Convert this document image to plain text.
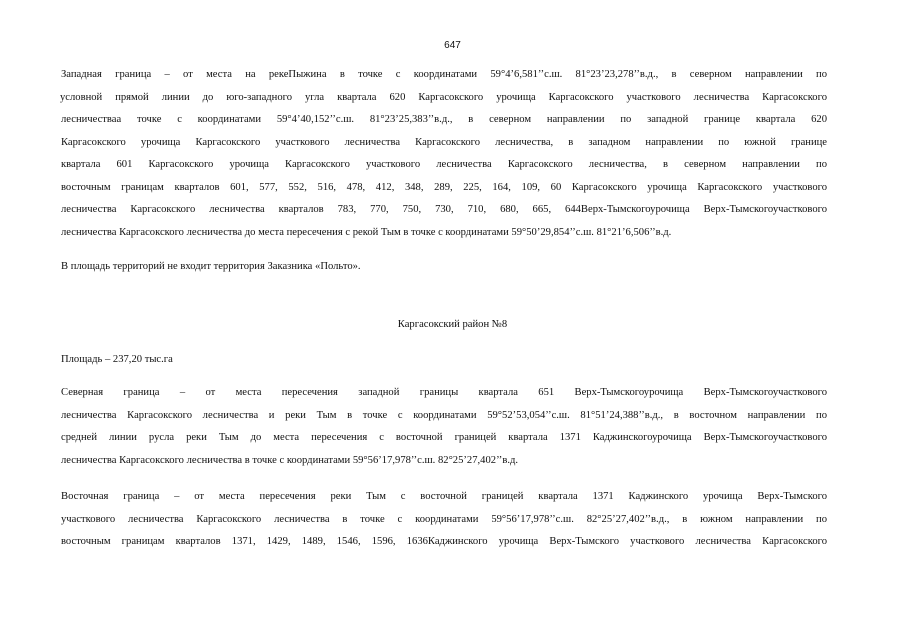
647
Западная граница – от места на рекеПыжина в точке с координатами 59°4’6,581’’с.ш. 81°23’23,278’’в.д., в северном направлении по
условной прямой линии до юго-западного угла квартала 620 Каргасокского урочища Каргасокского участкового лесничества Каргасокского
лесничестваа точке с координатами 59°4’40,152’’с.ш. 81°23’25,383’’в.д., в северном направлении по западной границе квартала 620
Каргасокского урочища Каргасокского участкового лесничества Каргасокского лесничества, в западном направлении по южной границе
квартала 601 Каргасокского урочища Каргасокского участкового лесничества Каргасокского лесничества, в северном направлении по
восточным границам кварталов 601, 577, 552, 516, 478, 412, 348, 289, 225, 164, 109, 60 Каргасокского урочища Каргасокского участкового
лесничества Каргасокского лесничества кварталов 783, 770, 750, 730, 710, 680, 665, 644Верх-Тымскогоурочища Верх-Тымскогоучасткового
лесничества Каргасокского лесничества до места пересечения с рекой Тым в точке с координатами 59°50’29,854’’с.ш. 81°21’6,506’’в.д.
В площадь территорий не входит территория Заказника «Польто».
Каргасокский район №8
Площадь – 237,20 тыс.га
Северная граница – от места пересечения западной границы квартала 651 Верх-Тымскогоурочища Верх-Тымскогоучасткового
лесничества Каргасокского лесничества и реки Тым в точке с координатами 59°52’53,054’’с.ш. 81°51’24,388’’в.д., в восточном направлении по
средней линии русла реки Тым до места пересечения с восточной границей квартала 1371 Каджинскогоурочища Верх-Тымскогоучасткового
лесничества Каргасокского лесничества в точке с координатами 59°56’17,978’’с.ш. 82°25’27,402’’в.д.
Восточная граница – от места пересечения реки Тым с восточной границей квартала 1371 Каджинского урочища Верх-Тымского
участкового лесничества Каргасокского лесничества в точке с координатами 59°56’17,978’’с.ш. 82°25’27,402’’в.д., в южном направлении по
восточным границам кварталов 1371, 1429, 1489, 1546, 1596, 1636Каджинского урочища Верх-Тымского участкового лесничества Каргасокского
